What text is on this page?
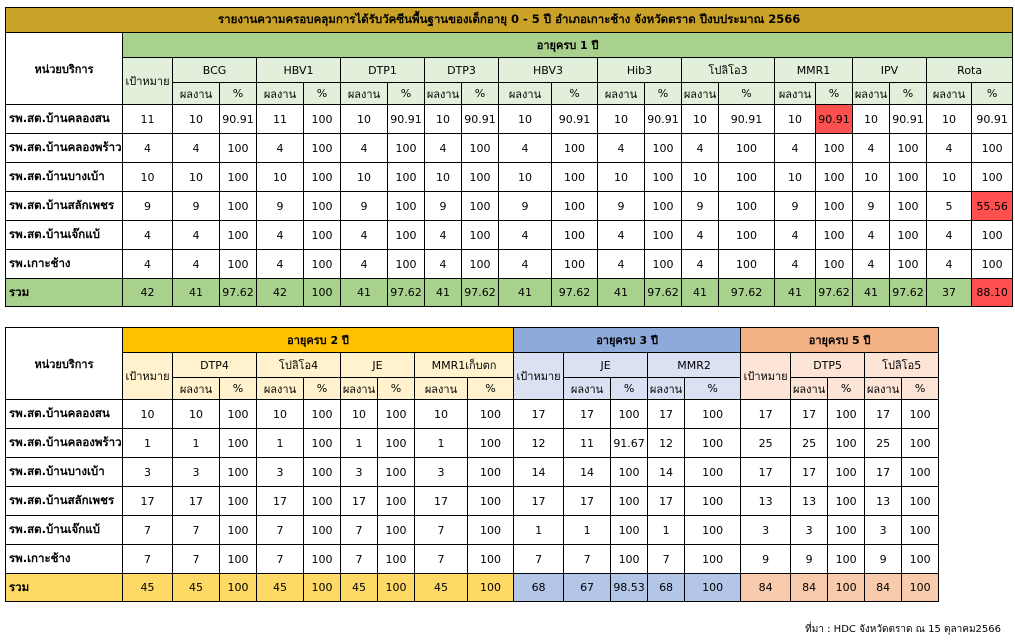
รายงานความครอบคลุมการได้รับวัคซีนพื้นฐานของเด็กอายุ 0 - 5 ปี อำเภอเกาะช้าง จังหวัดตราด ปีงบประมาณ 2566																					
หน่วยบริการ	อายุครบ 1 ปี																				
	เป้าหมาย	BCG		HBV1		DTP1		DTP3		HBV3		Hib3		โปลิโอ3		MMR1		IPV		Rota	
		ผลงาน	%	ผลงาน	%	ผลงาน	%	ผลงาน	%	ผลงาน	%	ผลงาน	%	ผลงาน	%	ผลงาน	%	ผลงาน	%	ผลงาน	%

รพ.สต.บ้านคลองสน	11	10	90.91	11	100	10	90.91	10	90.91	10	90.91	10	90.91	10	90.91	10	90.91	10	90.91	10	90.91
รพ.สต.บ้านคลองพร้าว	4	4	100	4	100	4	100	4	100	4	100	4	100	4	100	4	100	4	100	4	100
รพ.สต.บ้านบางเบ้า	10	10	100	10	100	10	100	10	100	10	100	10	100	10	100	10	100	10	100	10	100
รพ.สต.บ้านสลักเพชร	9	9	100	9	100	9	100	9	100	9	100	9	100	9	100	9	100	9	100	5	55.56
รพ.สต.บ้านเจ๊กแบ้	4	4	100	4	100	4	100	4	100	4	100	4	100	4	100	4	100	4	100	4	100
รพ.เกาะช้าง	4	4	100	4	100	4	100	4	100	4	100	4	100	4	100	4	100	4	100	4	100
รวม	42	41	97.62	42	100	41	97.62	41	97.62	41	97.62	41	97.62	41	97.62	41	97.62	41	97.62	37	88.10
หน่วยบริการ	อายุครบ 2 ปี									อายุครบ 3 ปี					อายุครบ 5 ปี				
	เป้าหมาย	DTP4		โปลิโอ4		JE		MMR1เก็บตก		เป้าหมาย	JE		MMR2		เป้าหมาย	DTP5		โปลิโอ5	
		ผลงาน	%	ผลงาน	%	ผลงาน	%	ผลงาน	%		ผลงาน	%	ผลงาน	%		ผลงาน	%	ผลงาน	%

รพ.สต.บ้านคลองสน	10	10	100	10	100	10	100	10	100	17	17	100	17	100	17	17	100	17	100
รพ.สต.บ้านคลองพร้าว	1	1	100	1	100	1	100	1	100	12	11	91.67	12	100	25	25	100	25	100
รพ.สต.บ้านบางเบ้า	3	3	100	3	100	3	100	3	100	14	14	100	14	100	17	17	100	17	100
รพ.สต.บ้านสลักเพชร	17	17	100	17	100	17	100	17	100	17	17	100	17	100	13	13	100	13	100
รพ.สต.บ้านเจ๊กแบ้	7	7	100	7	100	7	100	7	100	1	1	100	1	100	3	3	100	3	100
รพ.เกาะช้าง	7	7	100	7	100	7	100	7	100	7	7	100	7	100	9	9	100	9	100
รวม	45	45	100	45	100	45	100	45	100	68	67	98.53	68	100	84	84	100	84	100
ที่มา : HDC จังหวัดตราด ณ 15 ตุลาคม2566
